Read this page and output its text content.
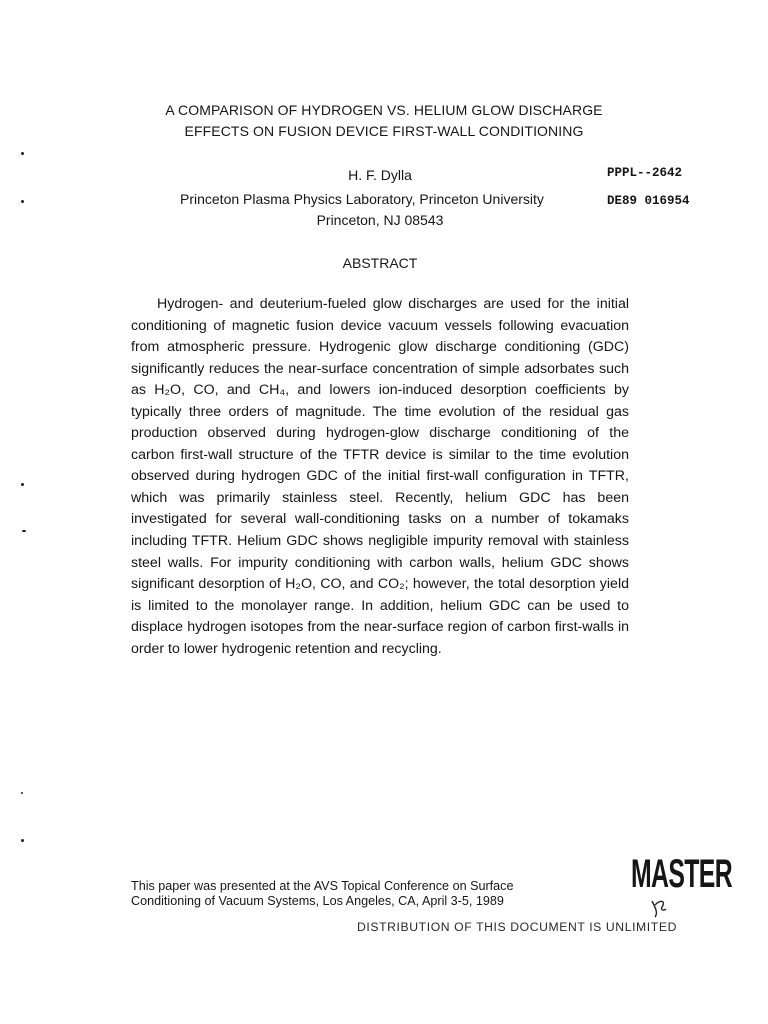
A COMPARISON OF HYDROGEN VS. HELIUM GLOW DISCHARGE
EFFECTS ON FUSION DEVICE FIRST-WALL CONDITIONING
H. F. Dylla
Princeton Plasma Physics Laboratory, Princeton University
Princeton, NJ 08543
PPPL--2642
DE89 016954
ABSTRACT

Hydrogen- and deuterium-fueled glow discharges are used for the initial conditioning of magnetic fusion device vacuum vessels following evacuation from atmospheric pressure. Hydrogenic glow discharge conditioning (GDC) significantly reduces the near-surface concentration of simple adsorbates such as H₂O, CO, and CH₄, and lowers ion-induced desorption coefficients by typically three orders of magnitude. The time evolution of the residual gas production observed during hydrogen-glow discharge conditioning of the carbon first-wall structure of the TFTR device is similar to the time evolution observed during hydrogen GDC of the initial first-wall configuration in TFTR, which was primarily stainless steel. Recently, helium GDC has been investigated for several wall-conditioning tasks on a number of tokamaks including TFTR. Helium GDC shows negligible impurity removal with stainless steel walls. For impurity conditioning with carbon walls, helium GDC shows significant desorption of H₂O, CO, and CO₂; however, the total desorption yield is limited to the monolayer range. In addition, helium GDC can be used to displace hydrogen isotopes from the near-surface region of carbon first-walls in order to lower hydrogenic retention and recycling.

This paper was presented at the AVS Topical Conference on Surface
Conditioning of Vacuum Systems, Los Angeles, CA, April 3-5, 1989
MASTER
DISTRIBUTION OF THIS DOCUMENT IS UNLIMITED
